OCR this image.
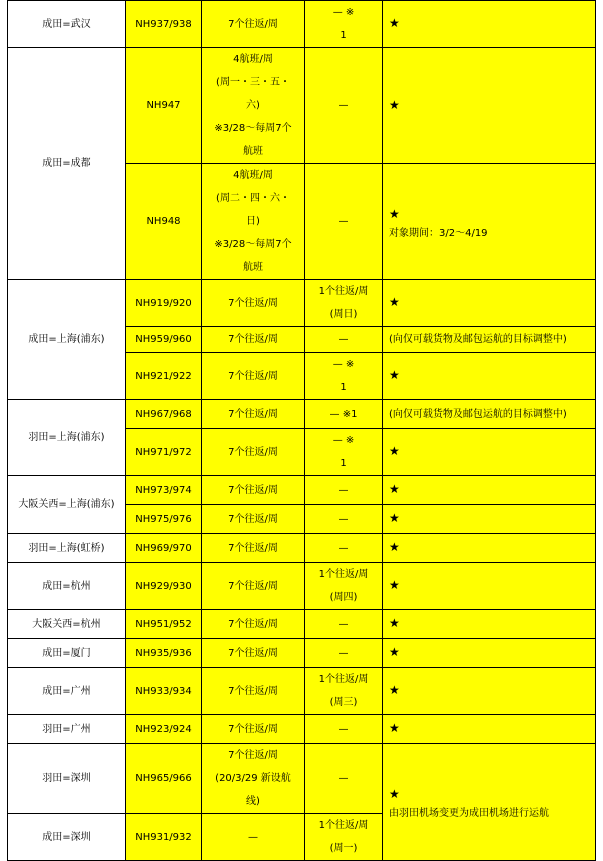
成田=武汉	NH937/938	7个往返/周	— ※
1	★
成田=成都	NH947	4航班/周
(周一・三・五・
六)
※3/28～每周7个
航班	—	★
	NH948	4航班/周
(周二・四・六・
日)
※3/28～每周7个
航班	—	★
对象期间：3/2～4/19

成田=上海(浦东)	NH919/920	7个往返/周	1个往返/周
(周日)	★
	NH959/960	7个往返/周	—	(向仅可载货物及邮包运航的目标调整中)
	NH921/922	7个往返/周	— ※
1	★
羽田=上海(浦东)	NH967/968	7个往返/周	— ※1	(向仅可载货物及邮包运航的目标调整中)
	NH971/972	7个往返/周	— ※
1	★
大阪关西=上海(浦东)	NH973/974	7个往返/周	—	★
	NH975/976	7个往返/周	—	★
羽田=上海(虹桥)	NH969/970	7个往返/周	—	★
成田=杭州	NH929/930	7个往返/周	1个往返/周
(周四)	★
大阪关西=杭州	NH951/952	7个往返/周	—	★
成田=厦门	NH935/936	7个往返/周	—	★
成田=广州	NH933/934	7个往返/周	1个往返/周
(周三)	★
羽田=广州	NH923/924	7个往返/周	—	★
羽田=深圳	NH965/966	7个往返/周
(20/3/29 新设航
线)	—	★
由羽田机场变更为成田机场进行运航

成田=深圳	NH931/932	—	1个往返/周
(周一)	
